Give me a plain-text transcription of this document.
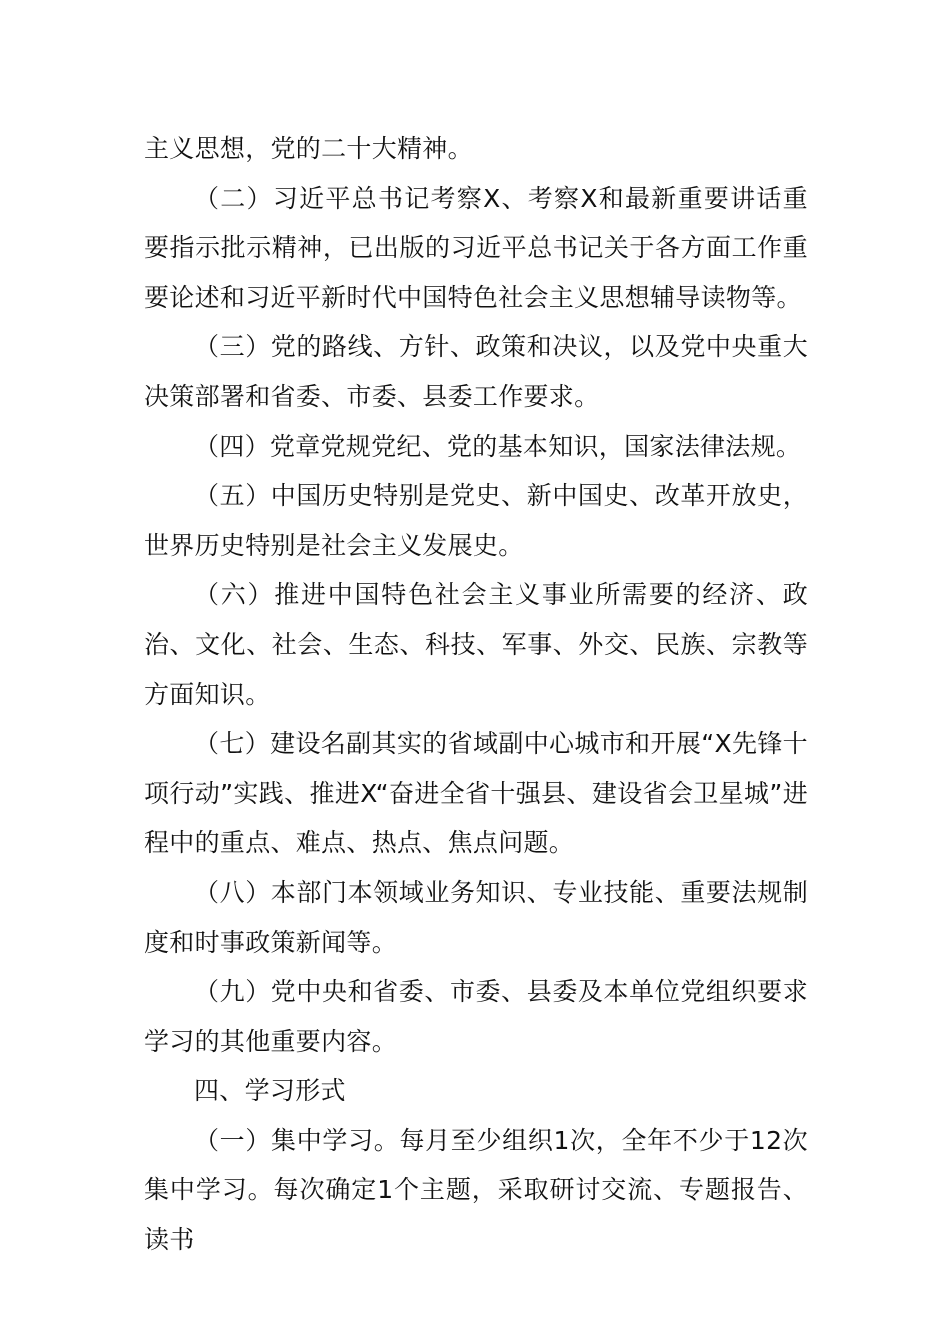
主义思想，党的二十大精神。

（二）习近平总书记考察X、考察X和最新重要讲话重要指示批示精神，已出版的习近平总书记关于各方面工作重要论述和习近平新时代中国特色社会主义思想辅导读物等。

（三）党的路线、方针、政策和决议，以及党中央重大决策部署和省委、市委、县委工作要求。

（四）党章党规党纪、党的基本知识，国家法律法规。

（五）中国历史特别是党史、新中国史、改革开放史，世界历史特别是社会主义发展史。

（六）推进中国特色社会主义事业所需要的经济、政治、文化、社会、生态、科技、军事、外交、民族、宗教等方面知识。

（七）建设名副其实的省域副中心城市和开展“X先锋十项行动”实践、推进X“奋进全省十强县、建设省会卫星城”进程中的重点、难点、热点、焦点问题。

（八）本部门本领域业务知识、专业技能、重要法规制度和时事政策新闻等。

（九）党中央和省委、市委、县委及本单位党组织要求学习的其他重要内容。

四、学习形式

（一）集中学习。每月至少组织1次，全年不少于12次集中学习。每次确定1个主题，采取研讨交流、专题报告、读书
